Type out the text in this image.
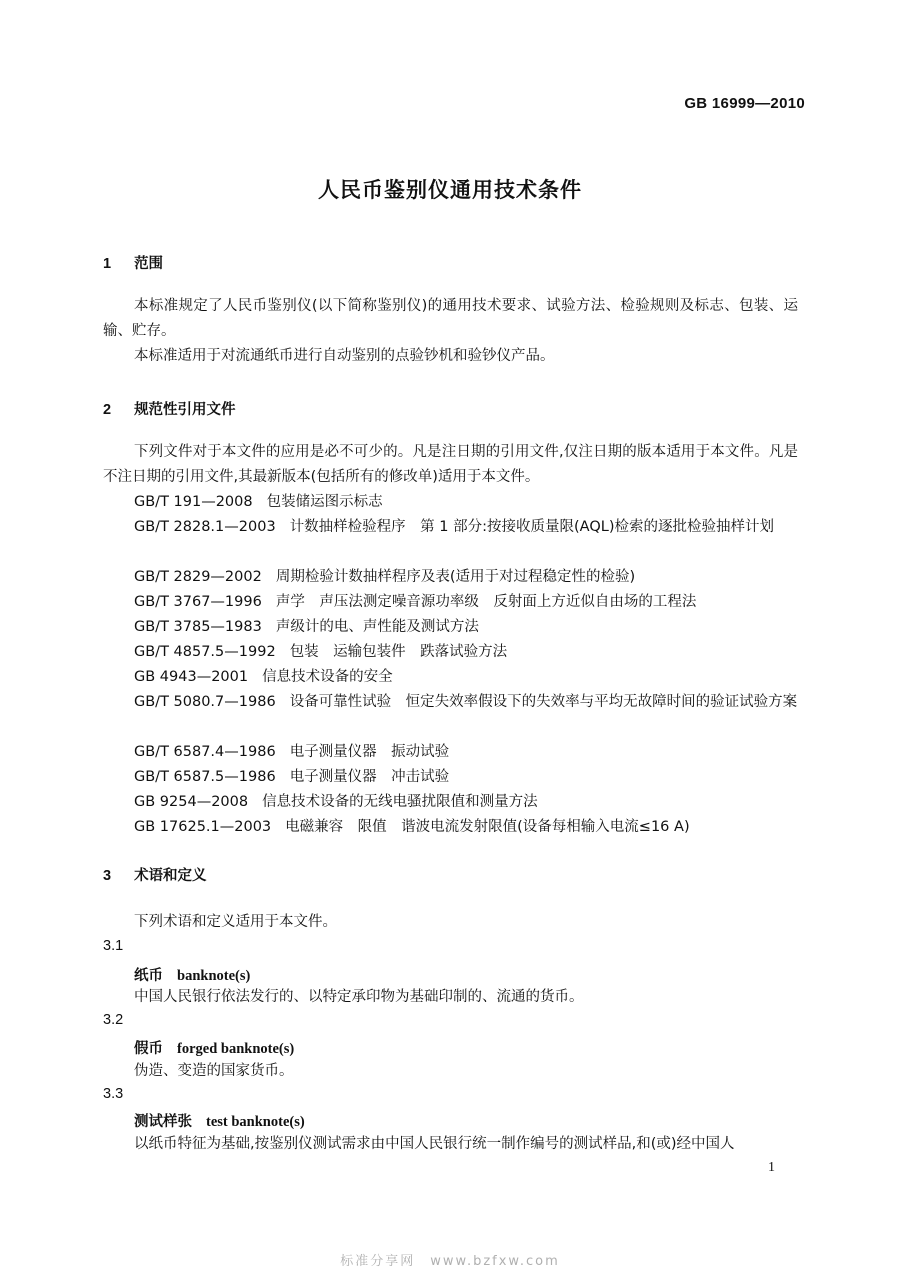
GB 16999—2010
人民币鉴别仪通用技术条件
1 范围
本标准规定了人民币鉴别仪(以下简称鉴别仪)的通用技术要求、试验方法、检验规则及标志、包装、运输、贮存。
本标准适用于对流通纸币进行自动鉴别的点验钞机和验钞仪产品。
2 规范性引用文件
下列文件对于本文件的应用是必不可少的。凡是注日期的引用文件,仅注日期的版本适用于本文件。凡是不注日期的引用文件,其最新版本(包括所有的修改单)适用于本文件。
GB/T 191—2008 包装储运图示标志
GB/T 2828.1—2003 计数抽样检验程序　第 1 部分:按接收质量限(AQL)检索的逐批检验抽样计划
GB/T 2829—2002 周期检验计数抽样程序及表(适用于对过程稳定性的检验)
GB/T 3767—1996 声学　声压法测定噪音源功率级　反射面上方近似自由场的工程法
GB/T 3785—1983 声级计的电、声性能及测试方法
GB/T 4857.5—1992 包装　运输包装件　跌落试验方法
GB 4943—2001 信息技术设备的安全
GB/T 5080.7—1986 设备可靠性试验　恒定失效率假设下的失效率与平均无故障时间的验证试验方案
GB/T 6587.4—1986 电子测量仪器　振动试验
GB/T 6587.5—1986 电子测量仪器　冲击试验
GB 9254—2008 信息技术设备的无线电骚扰限值和测量方法
GB 17625.1—2003 电磁兼容　限值　谐波电流发射限值(设备每相输入电流≤16 A)
3 术语和定义
下列术语和定义适用于本文件。
3.1
纸币 banknote(s)
中国人民银行依法发行的、以特定承印物为基础印制的、流通的货币。
3.2
假币 forged banknote(s)
伪造、变造的国家货币。
3.3
测试样张 test banknote(s)
以纸币特征为基础,按鉴别仪测试需求由中国人民银行统一制作编号的测试样品,和(或)经中国人
1
标准分享网　www.bzfxw.com
